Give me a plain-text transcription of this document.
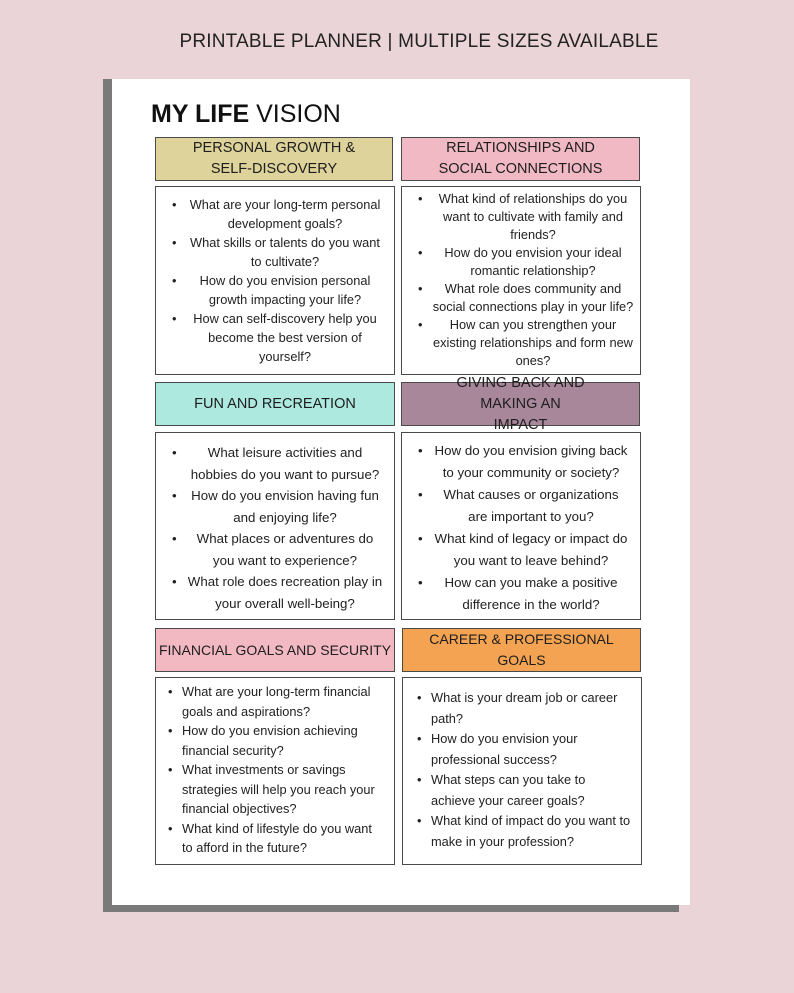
PRINTABLE PLANNER | MULTIPLE SIZES AVAILABLE
MY LIFE VISION
PERSONAL GROWTH & SELF-DISCOVERY
• What are your long-term personal development goals?
• What skills or talents do you want to cultivate?
• How do you envision personal growth impacting your life?
• How can self-discovery help you become the best version of yourself?
RELATIONSHIPS AND SOCIAL CONNECTIONS
• What kind of relationships do you want to cultivate with family and friends?
• How do you envision your ideal romantic relationship?
• What role does community and social connections play in your life?
• How can you strengthen your existing relationships and form new ones?
FUN AND RECREATION
• What leisure activities and hobbies do you want to pursue?
• How do you envision having fun and enjoying life?
• What places or adventures do you want to experience?
• What role does recreation play in your overall well-being?
GIVING BACK AND MAKING AN IMPACT
• How do you envision giving back to your community or society?
• What causes or organizations are important to you?
• What kind of legacy or impact do you want to leave behind?
• How can you make a positive difference in the world?
FINANCIAL GOALS AND SECURITY
• What are your long-term financial goals and aspirations?
• How do you envision achieving financial security?
• What investments or savings strategies will help you reach your financial objectives?
• What kind of lifestyle do you want to afford in the future?
CAREER & PROFESSIONAL GOALS
• What is your dream job or career path?
• How do you envision your professional success?
• What steps can you take to achieve your career goals?
• What kind of impact do you want to make in your profession?
